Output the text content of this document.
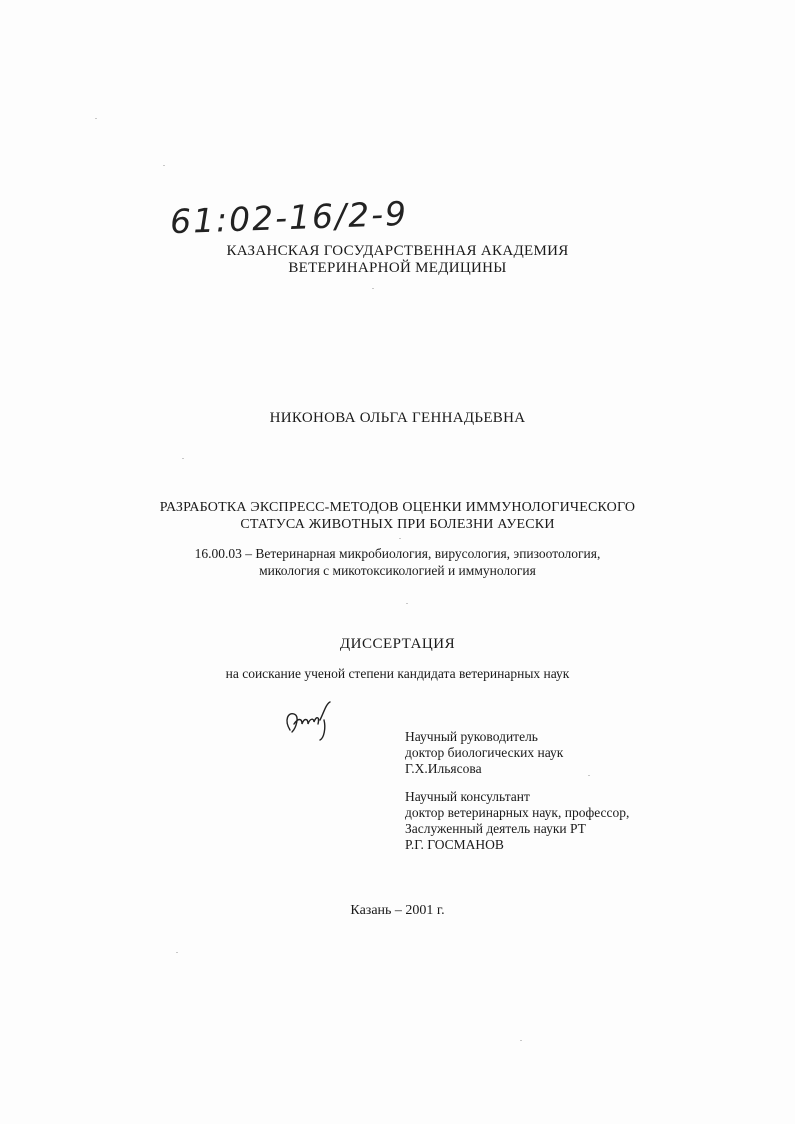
61:02-16/2-9
КАЗАНСКАЯ ГОСУДАРСТВЕННАЯ АКАДЕМИЯ
ВЕТЕРИНАРНОЙ МЕДИЦИНЫ
НИКОНОВА ОЛЬГА ГЕННАДЬЕВНА
РАЗРАБОТКА ЭКСПРЕСС-МЕТОДОВ ОЦЕНКИ ИММУНОЛОГИЧЕСКОГО
СТАТУСА ЖИВОТНЫХ ПРИ БОЛЕЗНИ АУЕСКИ
16.00.03 – Ветеринарная микробиология, вирусология, эпизоотология,
микология с микотоксикологией и иммунология
ДИССЕРТАЦИЯ
на соискание ученой степени кандидата ветеринарных наук
Научный руководитель
доктор биологических наук
Г.Х.Ильясова
Научный консультант
доктор ветеринарных наук, профессор,
Заслуженный деятель науки РТ
Р.Г. ГОСМАНОВ
Казань – 2001 г.
